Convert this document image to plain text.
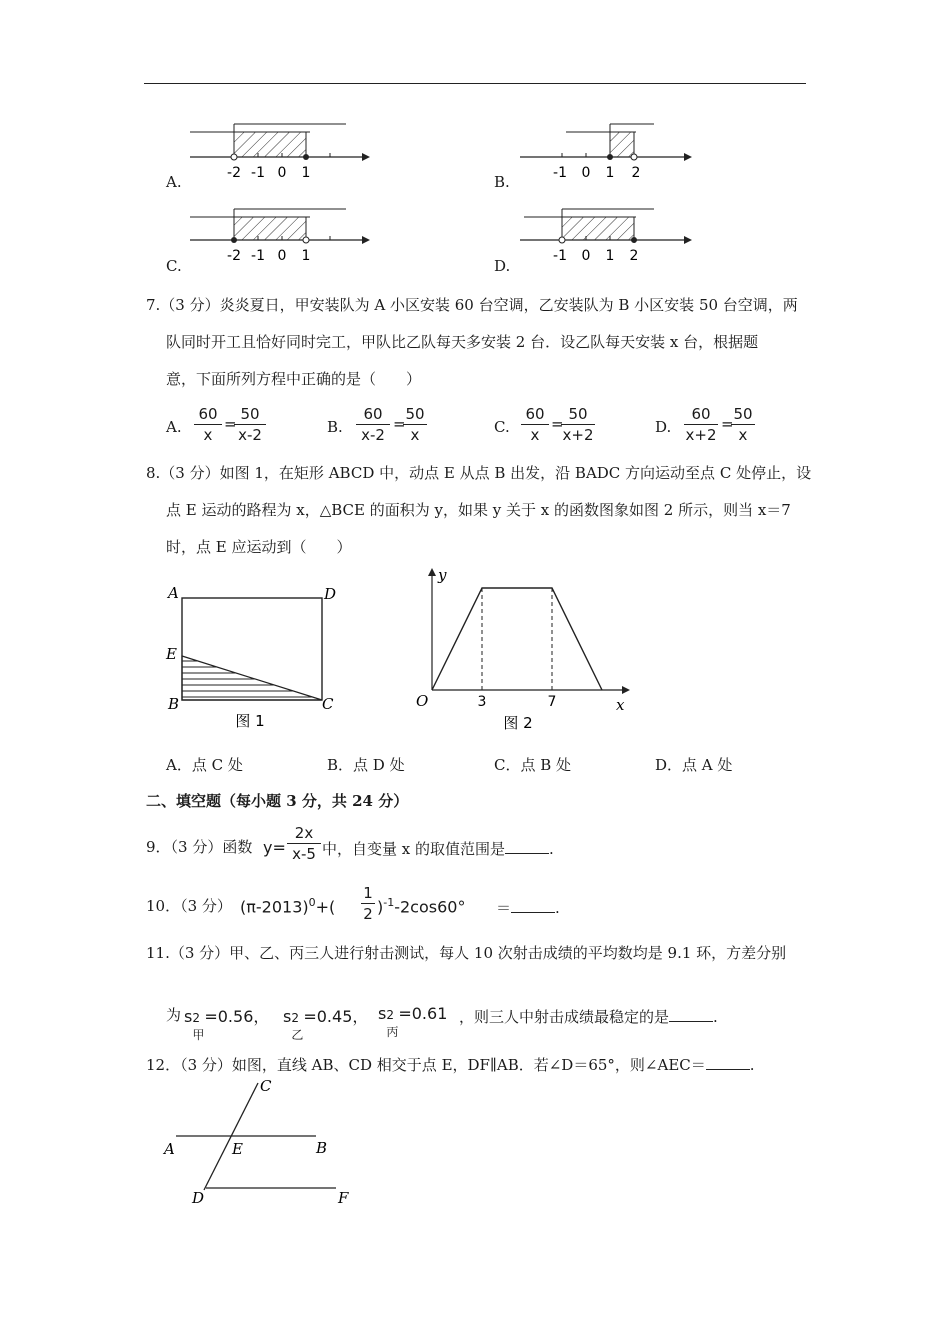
A.	-2 -1 0 1	B.	-1 0 1 2
C.
-2 -1 0 1
D.
-1 0 1 2
7.（3 分）炎炎夏日，甲安装队为 A 小区安装 60 台空调，乙安装队为 B 小区安装 50 台空调，两
队同时开工且恰好同时完工，甲队比乙队每天多安装 2 台．设乙队每天安装 x 台，根据题
意，下面所列方程中正确的是（　　）
A.
60
x
=
50
x-2	B.
60
x-2
=
50
x	C.
60
x
=
50
x+2	D.
60
x+2
=
50
x
8.（3 分）如图 1，在矩形 ABCD 中，动点 E 从点 B 出发，沿 BADC 方向运动至点 C 处停止，设
点 E 运动的路程为 x，△BCE 的面积为 y，如果 y 关于 x 的函数图象如图 2 所示，则当 x＝7
时，点 E 应运动到（　　）
A	D
E
B	C
图 1
y
O	3	7	x
图 2
A．点 C 处	B．点 D 处	C．点 B 处	D．点 A 处
二、填空题（每小题 3 分，共 24 分）
9．（3 分）函数 y=
2x
x-5 中，自变量 x 的取值范围是	.
10．（3 分） $(\pi-2013)^0+$(
1
2 )$^{-1}$-2cos60° ＝	.
11.（3 分）甲、乙、丙三人进行射击测试，每人 10 次射击成绩的平均数均是 9.1 环，方差分别
为 s 2
甲
=0.56， s 2
乙
=0.45， s 2
丙
=0.61 ，则三人中射击成绩最稳定的是	.
12．（3 分）如图，直线 AB、CD 相交于点 E，DF∥AB．若∠D＝65°，则∠AEC＝	.
C
A	E	B
D	F
